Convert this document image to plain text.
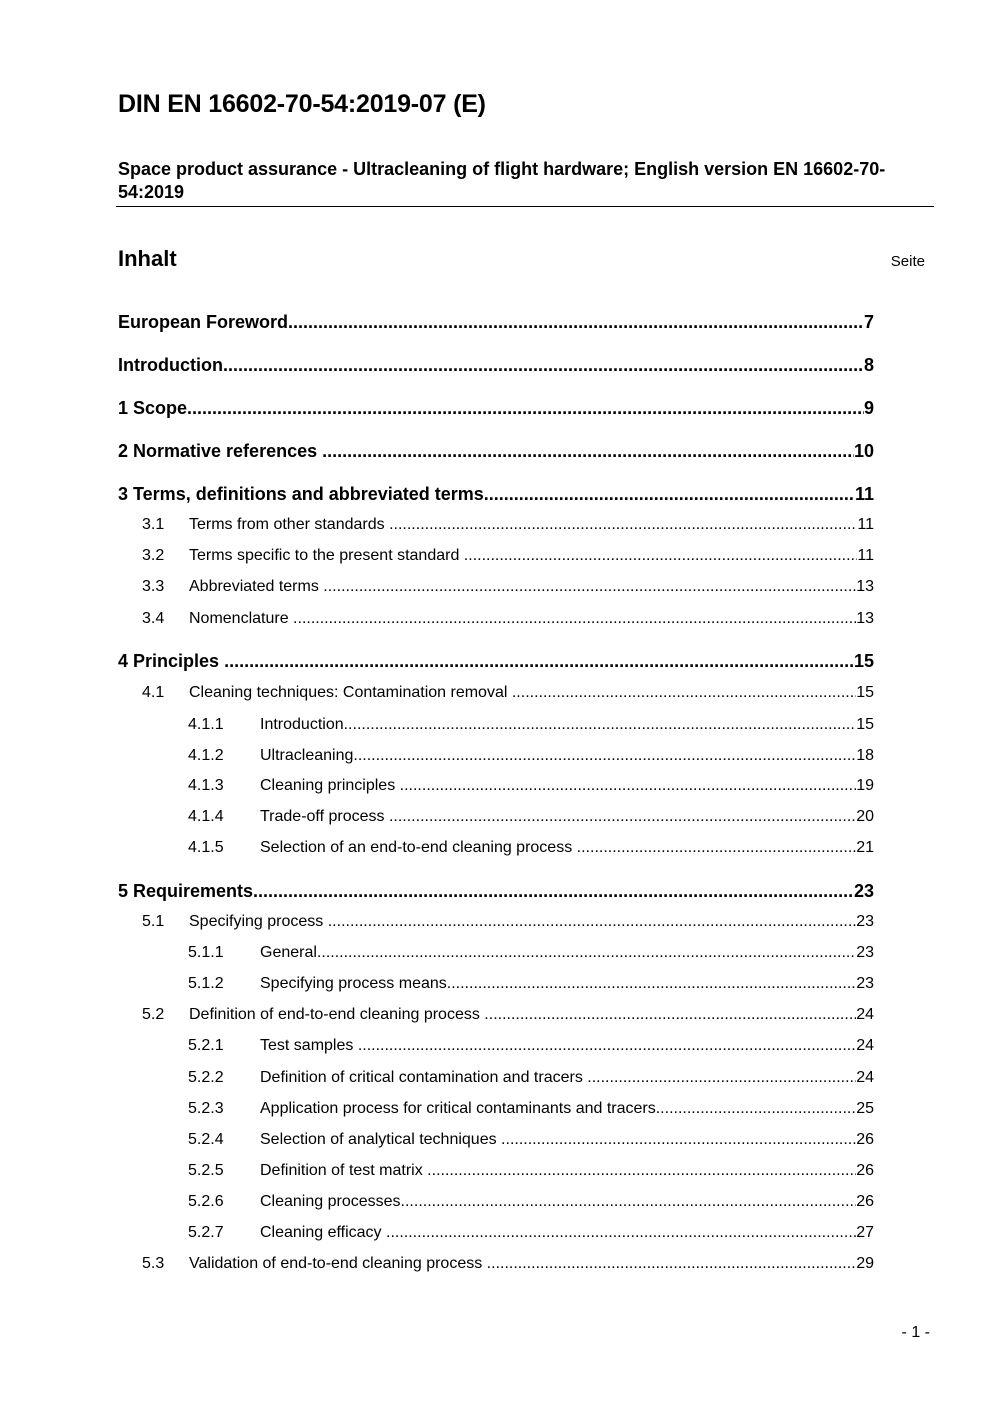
DIN EN 16602-70-54:2019-07 (E)

Space product assurance - Ultracleaning of flight hardware; English version EN 16602-70-54:2019

Inhalt	Seite
European Foreword .....	7
Introduction .....	8
1 Scope .....	9
2 Normative references .....	10
3 Terms, definitions and abbreviated terms .....	11
3.1	Terms from other standards .....	11
3.2	Terms specific to the present standard .....	11
3.3	Abbreviated terms .....	13
3.4	Nomenclature .....	13
4 Principles .....	15
4.1	Cleaning techniques: Contamination removal .....	15
4.1.1	Introduction .....	15
4.1.2	Ultracleaning .....	18
4.1.3	Cleaning principles .....	19
4.1.4	Trade-off process .....	20
4.1.5	Selection of an end-to-end cleaning process .....	21
5 Requirements .....	23
5.1	Specifying process .....	23
5.1.1	General .....	23
5.1.2	Specifying process means .....	23
5.2	Definition of end-to-end cleaning process .....	24
5.2.1	Test samples .....	24
5.2.2	Definition of critical contamination and tracers .....	24
5.2.3	Application process for critical contaminants and tracers .....	25
5.2.4	Selection of analytical techniques .....	26
5.2.5	Definition of test matrix .....	26
5.2.6	Cleaning processes .....	26
5.2.7	Cleaning efficacy .....	27
5.3	Validation of end-to-end cleaning process .....	29
- 1 -
